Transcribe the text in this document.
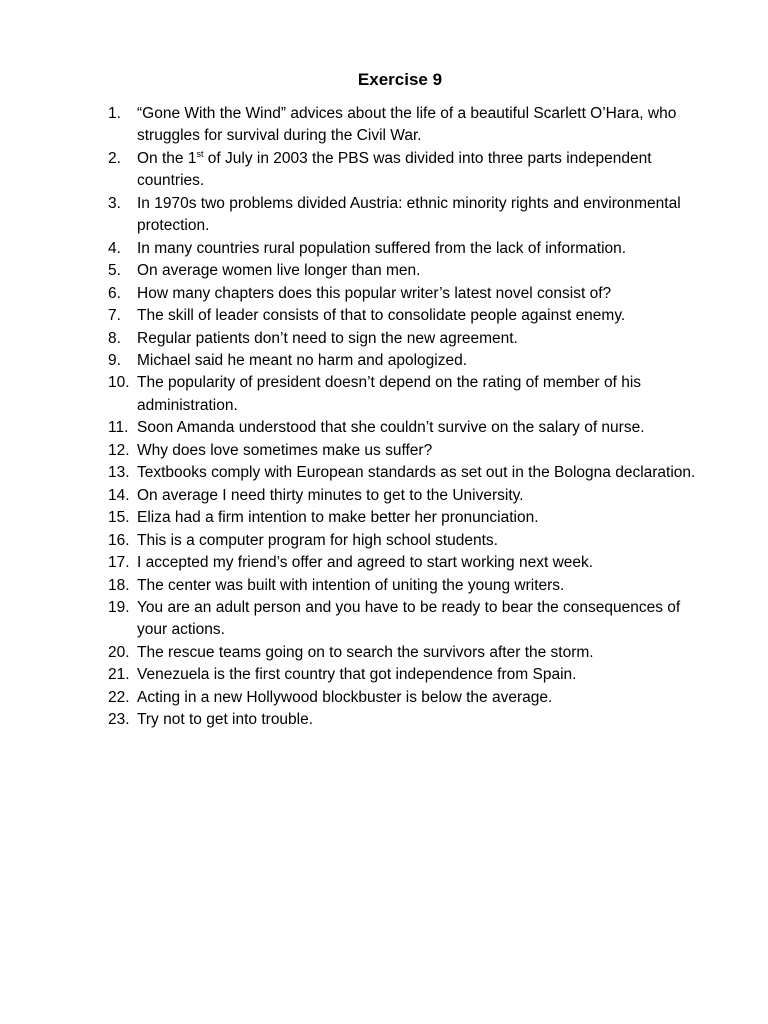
Exercise 9
1.	“Gone With the Wind” advices about the life of a beautiful Scarlett O’Hara, who struggles for survival during the Civil War.
2.	On the 1st of July in 2003 the PBS was divided into three parts independent countries.
3.	In 1970s two problems divided Austria: ethnic minority rights and environmental protection.
4.	In many countries rural population suffered from the lack of information.
5.	On average women live longer than men.
6.	How many chapters does this popular writer’s latest novel consist of?
7.	The skill of leader consists of that to consolidate people against enemy.
8.	Regular patients don’t need to sign the new agreement.
9.	Michael said he meant no harm and apologized.
10. The popularity of president doesn’t depend on the rating of member of his administration.
11. Soon Amanda understood that she couldn’t survive on the salary of nurse.
12. Why does love sometimes make us suffer?
13. Textbooks comply with European standards as set out in the Bologna declaration.
14. On average I need thirty minutes to get to the University.
15. Eliza had a firm intention to make better her pronunciation.
16. This is a computer program for high school students.
17. I accepted my friend’s offer and agreed to start working next week.
18. The center was built with intention of uniting the young writers.
19. You are an adult person and you have to be ready to bear the consequences of your actions.
20. The rescue teams going on to search the survivors after the storm.
21. Venezuela is the first country that got independence from Spain.
22. Acting in a new Hollywood blockbuster is below the average.
23. Try not to get into trouble.
